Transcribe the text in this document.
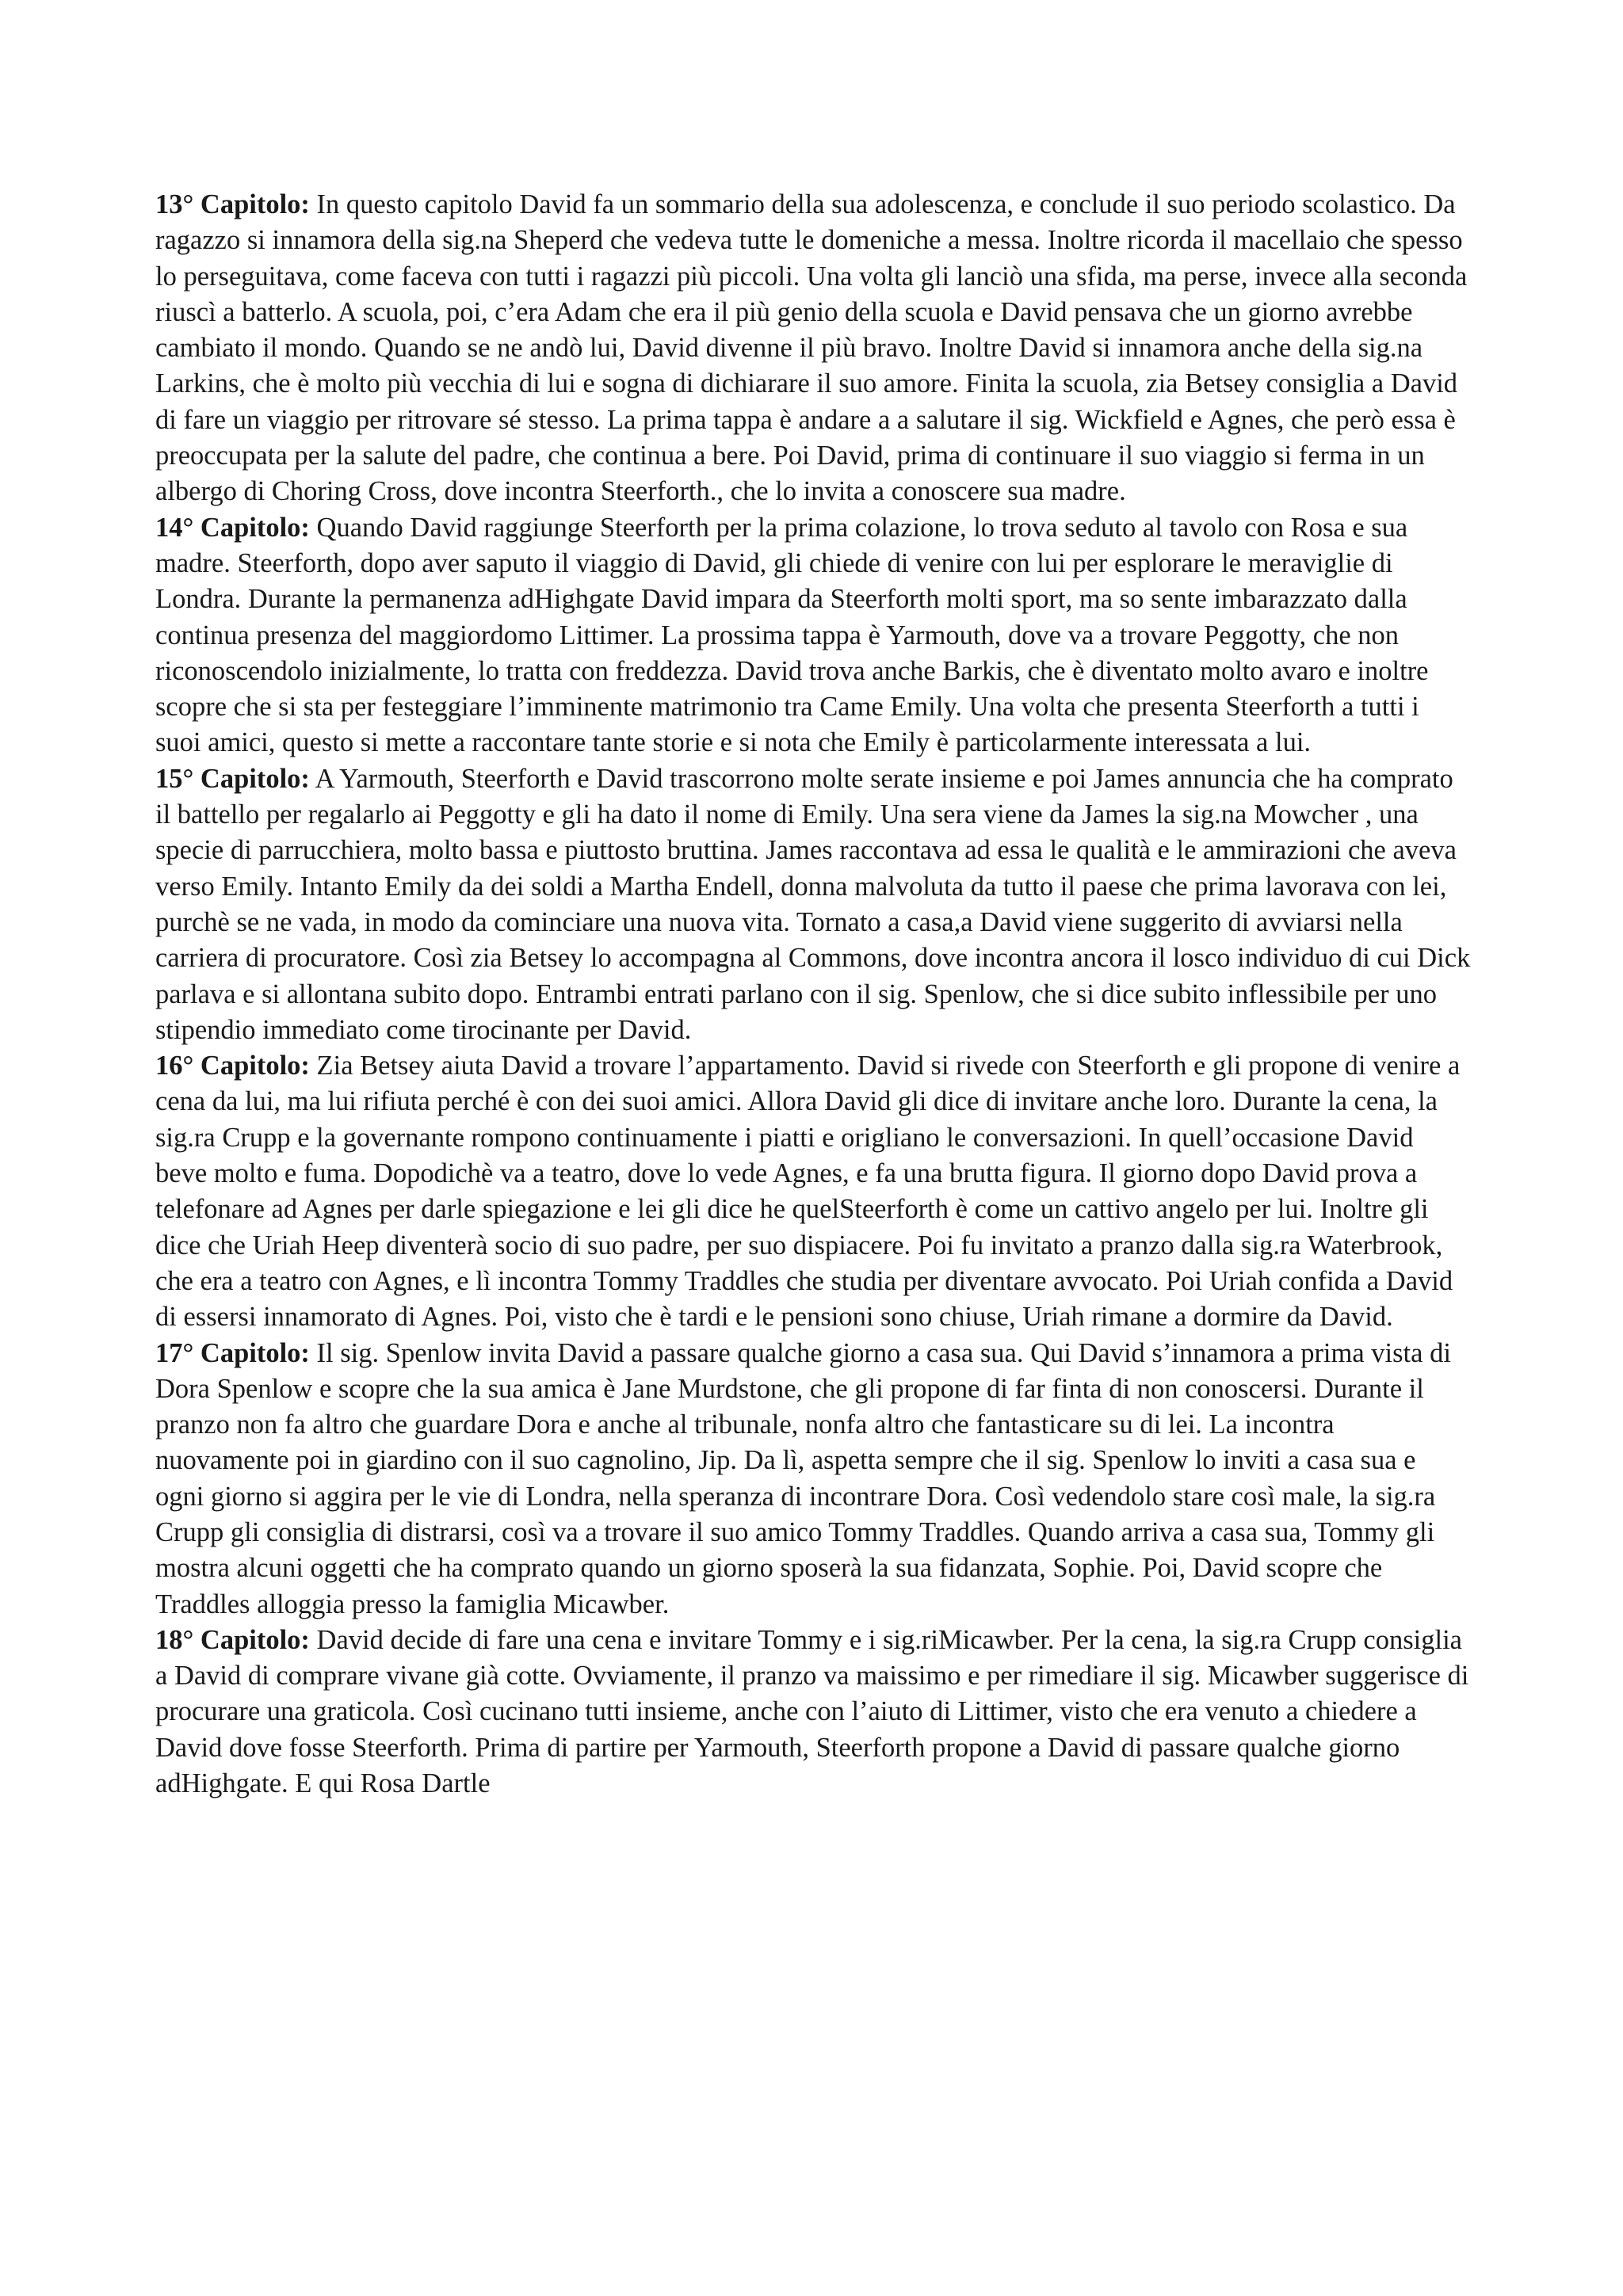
13° Capitolo: In questo capitolo David fa un sommario della sua adolescenza, e conclude il suo periodo scolastico. Da ragazzo si innamora della sig.na Sheperd che vedeva tutte le domeniche a messa. Inoltre ricorda il macellaio che spesso lo perseguitava, come faceva con tutti i ragazzi più piccoli. Una volta gli lanciò una sfida, ma perse, invece alla seconda riuscì a batterlo. A scuola, poi, c’era Adam che era il più genio della scuola e David pensava che un giorno avrebbe cambiato il mondo. Quando se ne andò lui, David divenne il più bravo. Inoltre David si innamora anche della sig.na Larkins, che è molto più vecchia di lui e sogna di dichiarare il suo amore. Finita la scuola, zia Betsey consiglia a David di fare un viaggio per ritrovare sé stesso. La prima tappa è andare a a salutare il sig. Wickfield e Agnes, che però essa è preoccupata per la salute del padre, che continua a bere. Poi David, prima di continuare il suo viaggio si ferma in un albergo di Choring Cross, dove incontra Steerforth., che lo invita a conoscere sua madre.

14° Capitolo: Quando David raggiunge Steerforth per la prima colazione, lo trova seduto al tavolo con Rosa e sua madre. Steerforth, dopo aver saputo il viaggio di David, gli chiede di venire con lui per esplorare le meraviglie di Londra. Durante la permanenza adHighgate David impara da Steerforth molti sport, ma so sente imbarazzato dalla continua presenza del maggiordomo Littimer. La prossima tappa è Yarmouth, dove va a trovare Peggotty, che non riconoscendolo inizialmente, lo tratta con freddezza. David trova anche Barkis, che è diventato molto avaro e inoltre scopre che si sta per festeggiare l’imminente matrimonio tra Came Emily. Una volta che presenta Steerforth a tutti i suoi amici, questo si mette a raccontare tante storie e si nota che Emily è particolarmente interessata a lui.

15° Capitolo: A Yarmouth, Steerforth e David trascorrono molte serate insieme e poi James annuncia che ha comprato il battello per regalarlo ai Peggotty e gli ha dato il nome di Emily. Una sera viene da James la sig.na Mowcher , una specie di parrucchiera, molto bassa e piuttosto bruttina. James raccontava ad essa le qualità e le ammirazioni che aveva verso Emily. Intanto Emily da dei soldi a Martha Endell, donna malvoluta da tutto il paese che prima lavorava con lei, purchè se ne vada, in modo da cominciare una nuova vita. Tornato a casa,a David viene suggerito di avviarsi nella carriera di procuratore. Così zia Betsey lo accompagna al Commons, dove incontra ancora il losco individuo di cui Dick parlava e si allontana subito dopo. Entrambi entrati parlano con il sig. Spenlow, che si dice subito inflessibile per uno stipendio immediato come tirocinante per David.

16° Capitolo: Zia Betsey aiuta David a trovare l’appartamento. David si rivede con Steerforth e gli propone di venire a cena da lui, ma lui rifiuta perché è con dei suoi amici. Allora David gli dice di invitare anche loro. Durante la cena, la sig.ra Crupp e la governante rompono continuamente i piatti e origliano le conversazioni. In quell’occasione David beve molto e fuma. Dopodichè va a teatro, dove lo vede Agnes, e fa una brutta figura. Il giorno dopo David prova a telefonare ad Agnes per darle spiegazione e lei gli dice he quelSteerforth è come un cattivo angelo per lui. Inoltre gli dice che Uriah Heep diventerà socio di suo padre, per suo dispiacere. Poi fu invitato a pranzo dalla sig.ra Waterbrook, che era a teatro con Agnes, e lì incontra Tommy Traddles che studia per diventare avvocato. Poi Uriah confida a David di essersi innamorato di Agnes. Poi, visto che è tardi e le pensioni sono chiuse, Uriah rimane a dormire da David.

17° Capitolo: Il sig. Spenlow invita David a passare qualche giorno a casa sua. Qui David s’innamora a prima vista di Dora Spenlow e scopre che la sua amica è Jane Murdstone, che gli propone di far finta di non conoscersi. Durante il pranzo non fa altro che guardare Dora e anche al tribunale, nonfa altro che fantasticare su di lei. La incontra nuovamente poi in giardino con il suo cagnolino, Jip. Da lì, aspetta sempre che il sig. Spenlow lo inviti a casa sua e ogni giorno si aggira per le vie di Londra, nella speranza di incontrare Dora. Così vedendolo stare così male, la sig.ra Crupp gli consiglia di distrarsi, così va a trovare il suo amico Tommy Traddles. Quando arriva a casa sua, Tommy gli mostra alcuni oggetti che ha comprato quando un giorno sposerà la sua fidanzata, Sophie. Poi, David scopre che Traddles alloggia presso la famiglia Micawber.

18° Capitolo: David decide di fare una cena e invitare Tommy e i sig.riMicawber. Per la cena, la sig.ra Crupp consiglia a David di comprare vivane già cotte. Ovviamente, il pranzo va maissimo e per rimediare il sig. Micawber suggerisce di procurare una graticola. Così cucinano tutti insieme, anche con l’aiuto di Littimer, visto che era venuto a chiedere a David dove fosse Steerforth. Prima di partire per Yarmouth, Steerforth propone a David di passare qualche giorno adHighgate. E qui Rosa Dartle
